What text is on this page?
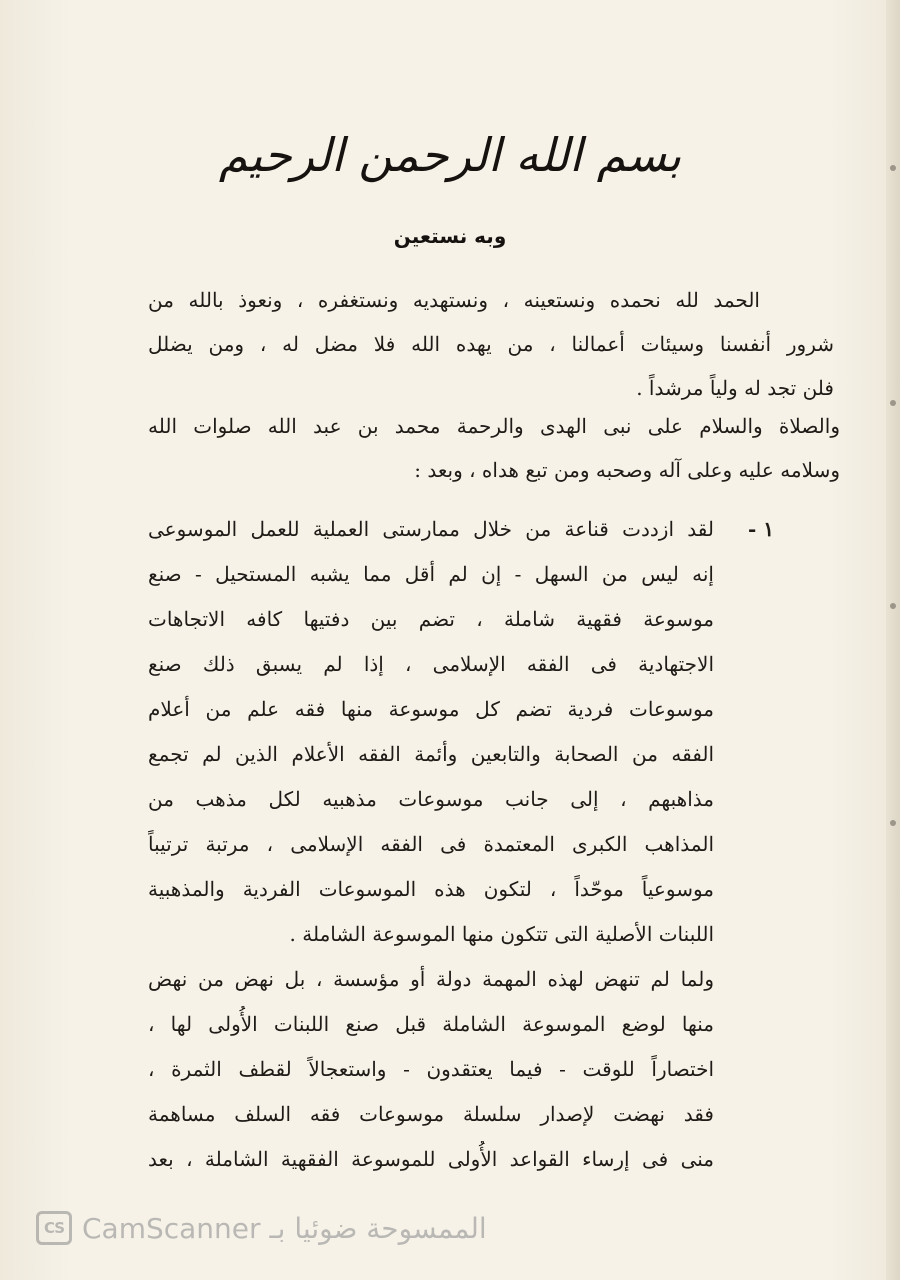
بسم الله الرحمن الرحيم
وبه نستعين
الحمد لله نحمده ونستعينه ، ونستهديه ونستغفره ، ونعوذ بالله من
شرور أنفسنا وسيئات أعمالنا ، من يهده الله فلا مضل له ، ومن يضلل
فلن تجد له ولياً مرشداً .
والصلاة والسلام على نبى الهدى والرحمة محمد بن عبد الله صلوات الله
وسلامه عليه وعلى آله وصحبه ومن تبع هداه ، وبعد :
١ -
لقد ازددت قناعة من خلال ممارستى العملية للعمل الموسوعى
إنه ليس من السهل - إن لم أقل مما يشبه المستحيل - صنع
موسوعة فقهية شاملة ، تضم بين دفتيها كافه الاتجاهات
الاجتهادية فى الفقه الإسلامى ، إذا لم يسبق ذلك صنع
موسوعات فردية تضم كل موسوعة منها فقه علم من أعلام
الفقه من الصحابة والتابعين وأئمة الفقه الأعلام الذين لم تجمع
مذاهبهم ، إلى جانب موسوعات مذهبيه لكل مذهب من
المذاهب الكبرى المعتمدة فى الفقه الإسلامى ، مرتبة ترتيباً
موسوعياً موحّداً ، لتكون هذه الموسوعات الفردية والمذهبية
اللبنات الأصلية التى تتكون منها الموسوعة الشاملة .
ولما لم تنهض لهذه المهمة دولة أو مؤسسة ، بل نهض من نهض
منها لوضع الموسوعة الشاملة قبل صنع اللبنات الأُولى لها ،
اختصاراً للوقت - فيما يعتقدون - واستعجالاً لقطف الثمرة ،
فقد نهضت لإصدار سلسلة موسوعات فقه السلف مساهمة
منى فى إرساء القواعد الأُولى للموسوعة الفقهية الشاملة ، بعد
CS CamScanner الممسوحة ضوئيا بـ
